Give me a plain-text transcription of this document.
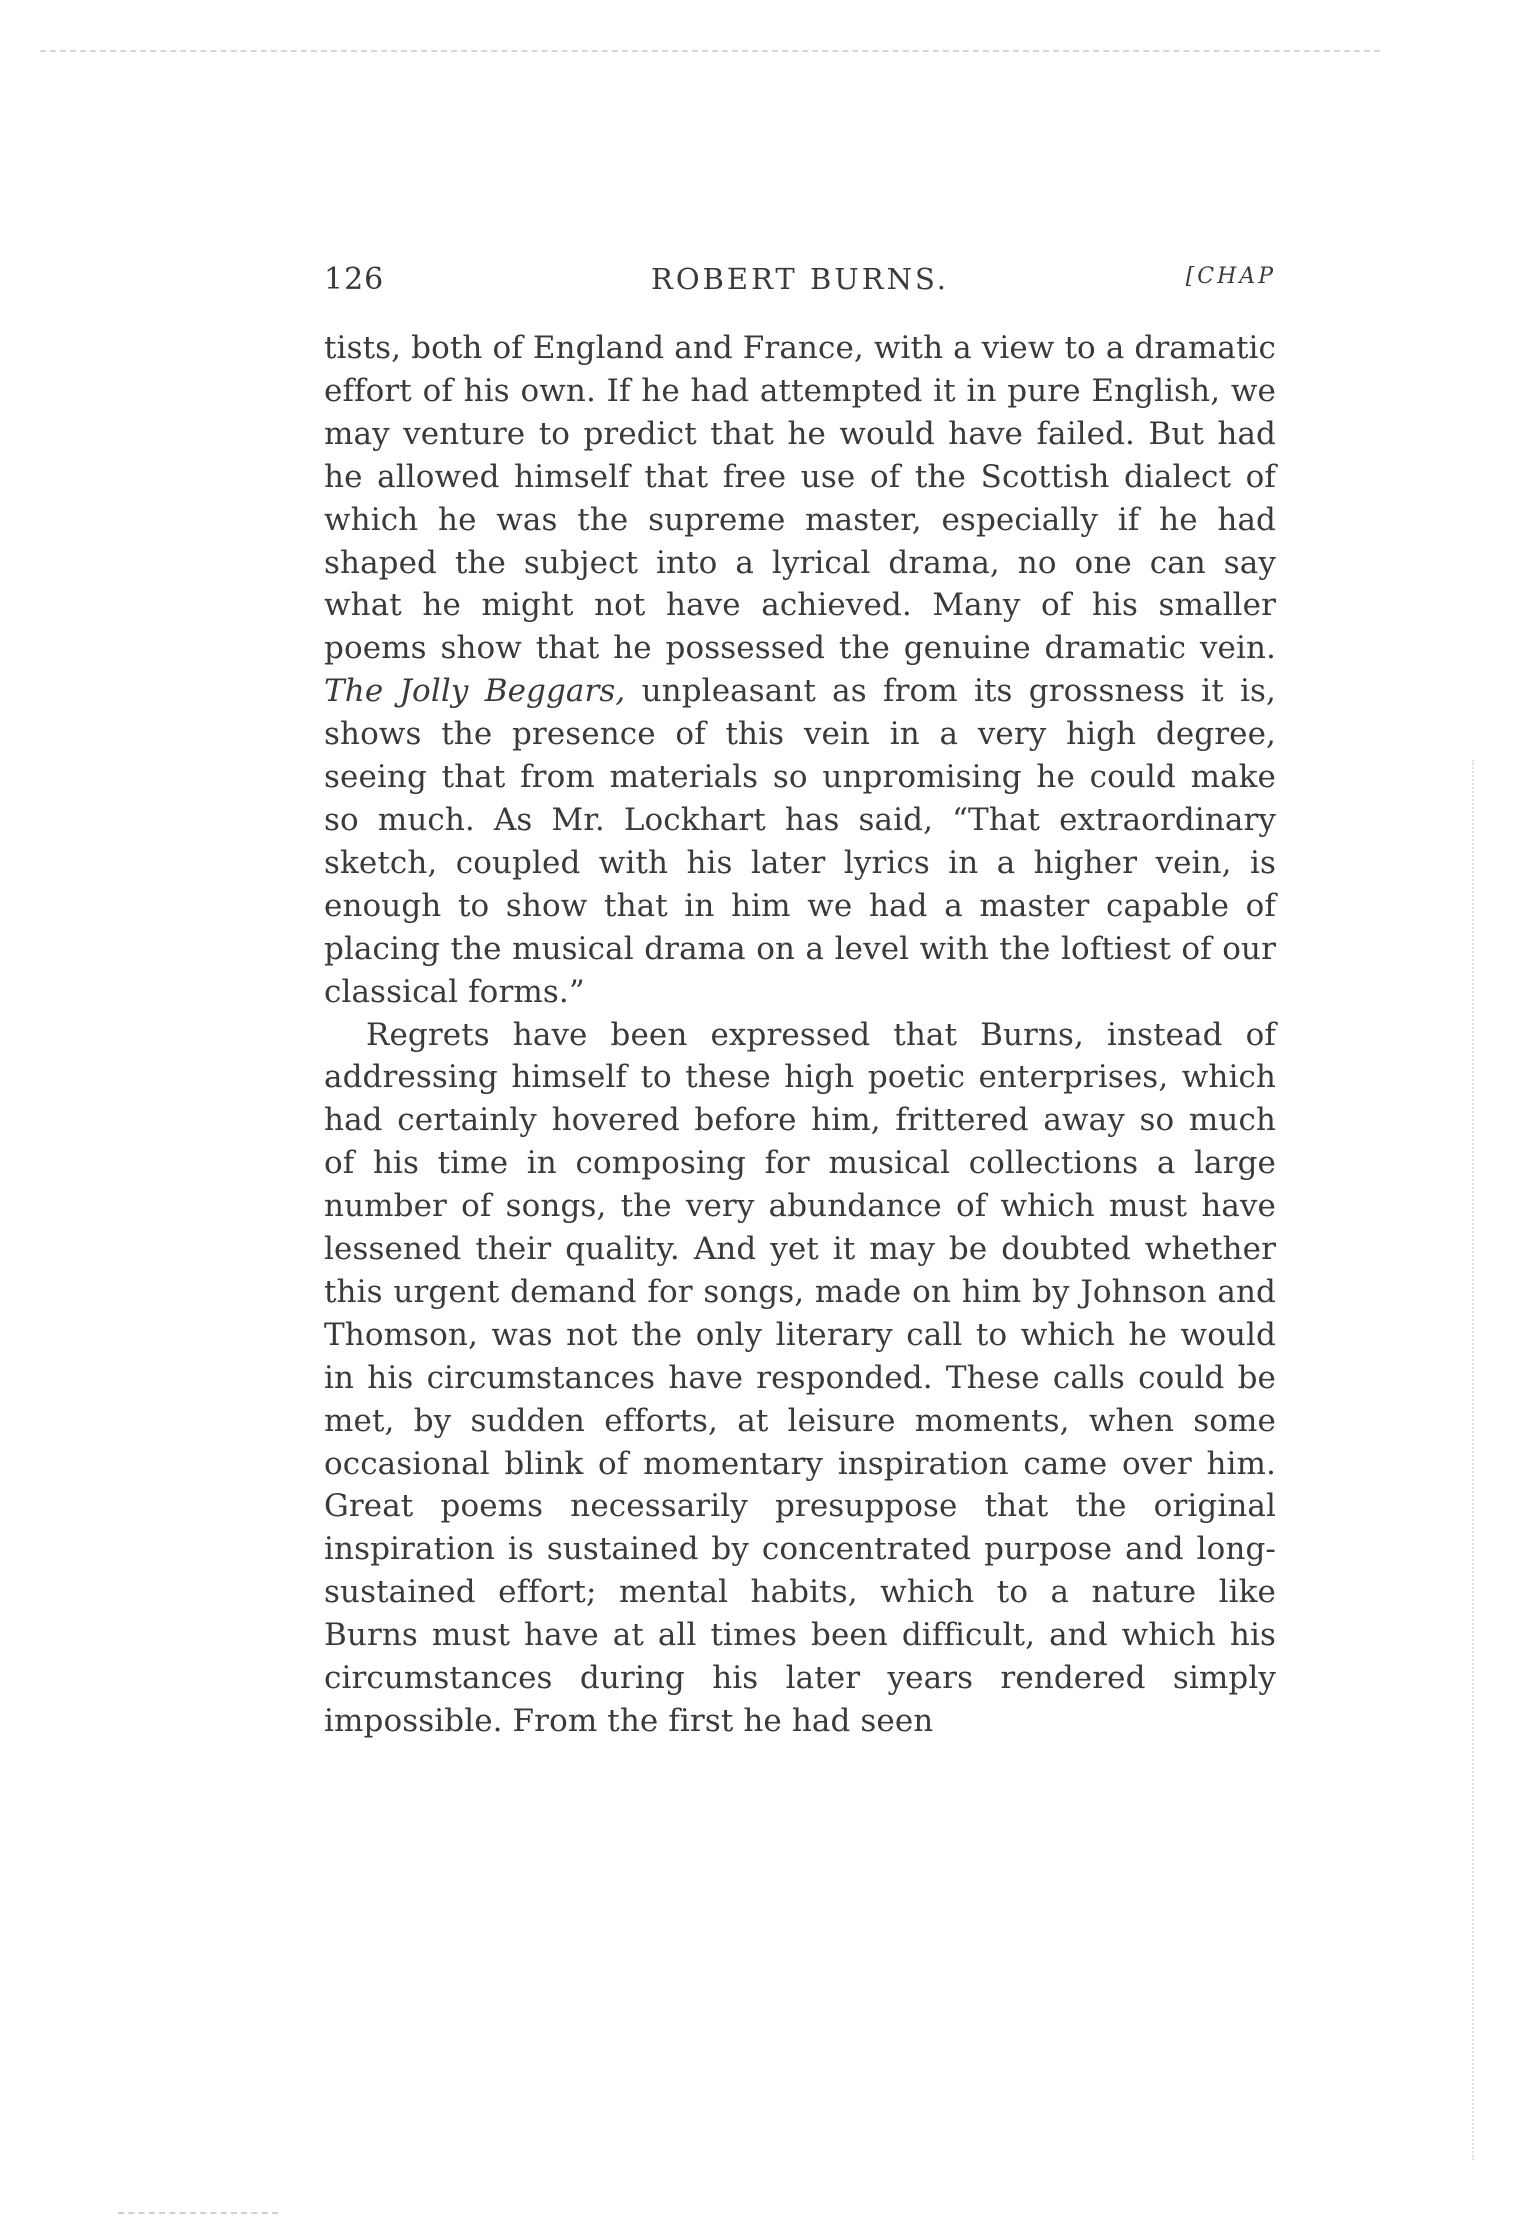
126	ROBERT BURNS.	[CHAP

tists, both of England and France, with a view to a dramatic effort of his own. If he had attempted it in pure English, we may venture to predict that he would have failed. But had he allowed himself that free use of the Scottish dialect of which he was the supreme master, especially if he had shaped the subject into a lyrical drama, no one can say what he might not have achieved. Many of his smaller poems show that he possessed the genuine dramatic vein. The Jolly Beggars, unpleasant as from its grossness it is, shows the presence of this vein in a very high degree, seeing that from materials so unpromising he could make so much. As Mr. Lockhart has said, “That extraordinary sketch, coupled with his later lyrics in a higher vein, is enough to show that in him we had a master capable of placing the musical drama on a level with the loftiest of our classical forms.”

Regrets have been expressed that Burns, instead of addressing himself to these high poetic enterprises, which had certainly hovered before him, frittered away so much of his time in composing for musical collections a large number of songs, the very abundance of which must have lessened their quality. And yet it may be doubted whether this urgent demand for songs, made on him by Johnson and Thomson, was not the only literary call to which he would in his circumstances have responded. These calls could be met, by sudden efforts, at leisure moments, when some occasional blink of momentary inspiration came over him. Great poems necessarily presuppose that the original inspiration is sustained by concentrated purpose and long-sustained effort; mental habits, which to a nature like Burns must have at all times been difficult, and which his circumstances during his later years rendered simply impossible. From the first he had seen
